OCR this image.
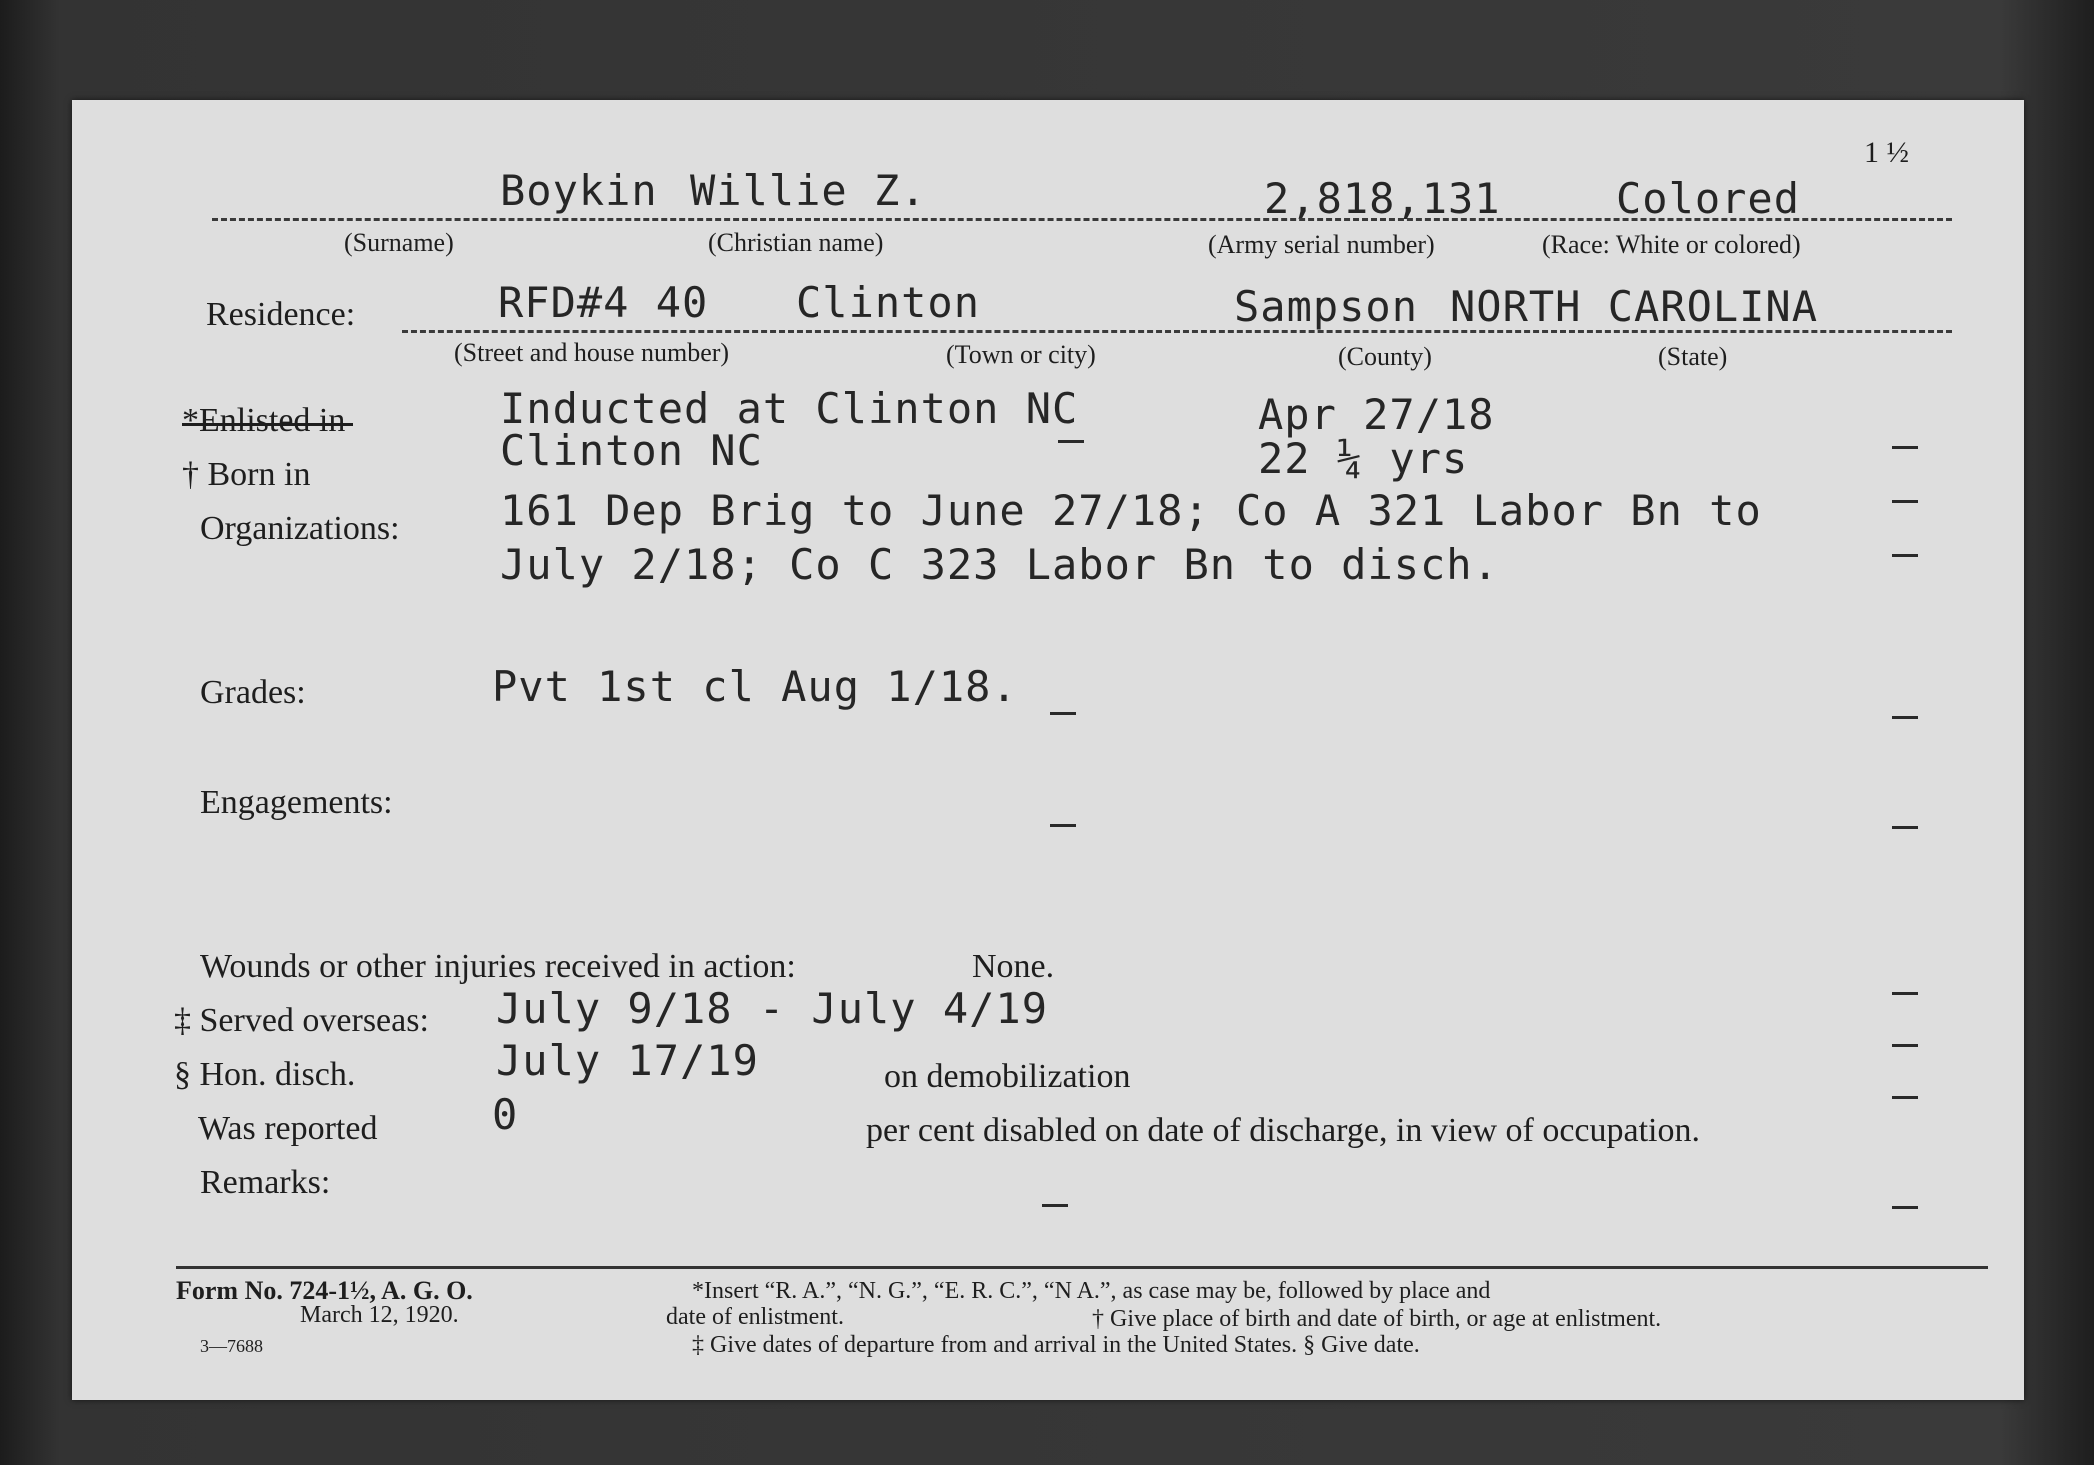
1 ½
Boykin Willie Z.	2,818,131	Colored
(Surname)	(Christian name)	(Army serial number)	(Race: White or colored)
Residence:	RFD#4 40 Clinton	Sampson NORTH CAROLINA
(Street and house number)	(Town or city)	(County)	(State)
*Enlisted in	Inducted at Clinton NC	Apr 27/18
† Born in	Clinton NC	22 ¼ yrs
Organizations: 161 Dep Brig to June 27/18; Co A 321 Labor Bn to
July 2/18; Co C 323 Labor Bn to disch.
Grades:	Pvt 1st cl Aug 1/18.
Engagements:
Wounds or other injuries received in action:	None.
‡ Served overseas: July 9/18 - July 4/19
§ Hon. disch.	July 17/19	on demobilization
Was reported	0	per cent disabled on date of discharge, in view of occupation.
Remarks:
Form No. 724-1½, A. G. O.
March 12, 1920.
3—7688
*Insert “R. A.”, “N. G.”, “E. R. C.”, “N A.”, as case may be, followed by place and
date of enlistment.	† Give place of birth and date of birth, or age at enlistment.
‡ Give dates of departure from and arrival in the United States. § Give date.
